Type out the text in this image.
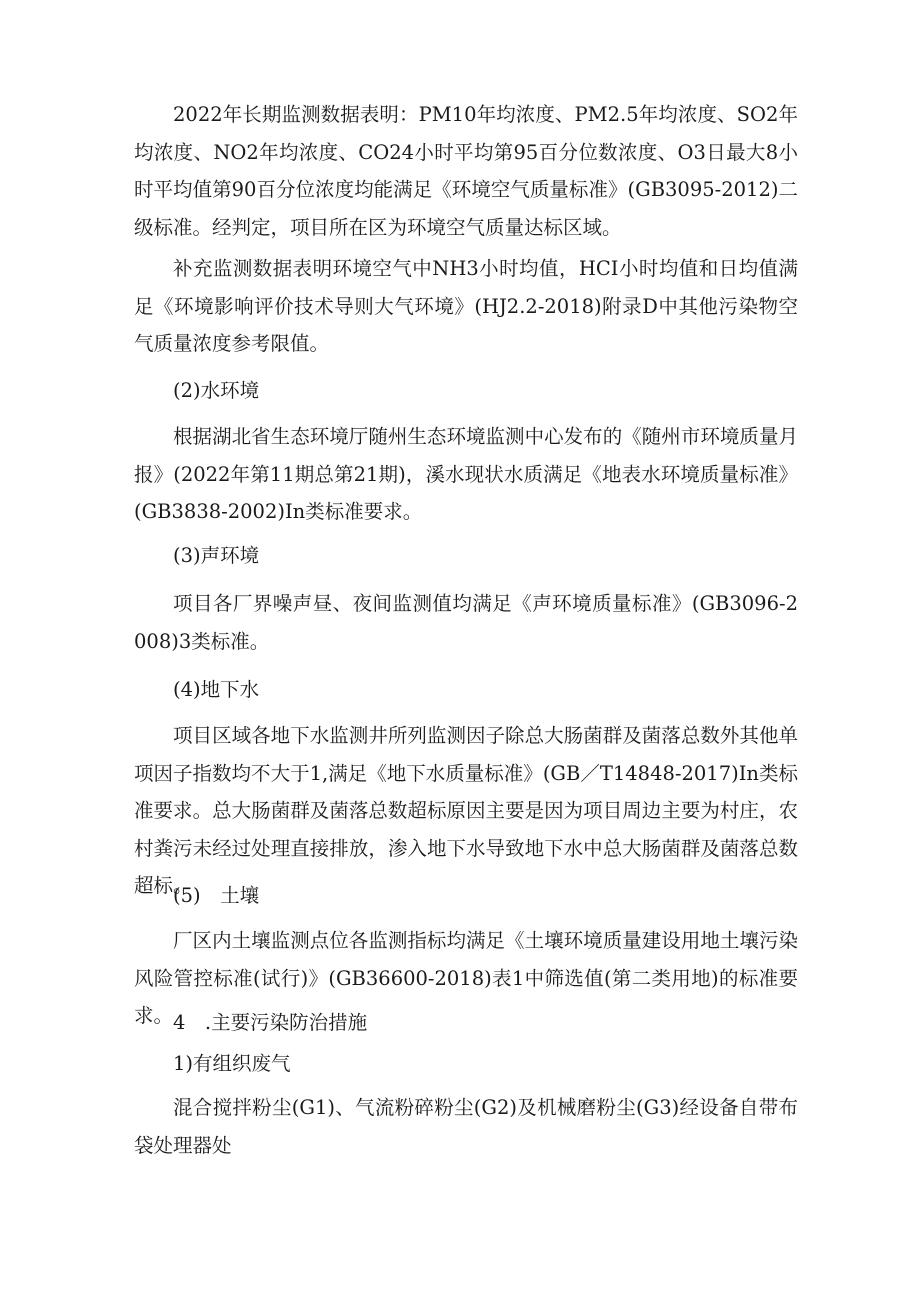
2022年长期监测数据表明：PM10年均浓度、PM2.5年均浓度、SO2年均浓度、NO2年均浓度、CO24小时平均第95百分位数浓度、O3日最大8小时平均值第90百分位浓度均能满足《环境空气质量标准》(GB3095-2012)二级标准。经判定，项目所在区为环境空气质量达标区域。

补充监测数据表明环境空气中NH3小时均值，HCI小时均值和日均值满足《环境影响评价技术导则大气环境》(HJ2.2-2018)附录D中其他污染物空气质量浓度参考限值。

(2)水环境

根据湖北省生态环境厅随州生态环境监测中心发布的《随州市环境质量月报》(2022年第11期总第21期)，溪水现状水质满足《地表水环境质量标准》(GB3838-2002)In类标准要求。

(3)声环境

项目各厂界噪声昼、夜间监测值均满足《声环境质量标准》(GB3096-2008)3类标准。

(4)地下水

项目区域各地下水监测井所列监测因子除总大肠菌群及菌落总数外其他单项因子指数均不大于1,满足《地下水质量标准》(GB／T14848-2017)In类标准要求。总大肠菌群及菌落总数超标原因主要是因为项目周边主要为村庄，农村粪污未经过处理直接排放，渗入地下水导致地下水中总大肠菌群及菌落总数超标。

(5)　土壤

厂区内土壤监测点位各监测指标均满足《土壤环境质量建设用地土壤污染风险管控标准(试行)》(GB36600-2018)表1中筛选值(第二类用地)的标准要求。 4　.主要污染防治措施

1)有组织废气

混合搅拌粉尘(G1)、气流粉碎粉尘(G2)及机械磨粉尘(G3)经设备自带布袋处理器处
